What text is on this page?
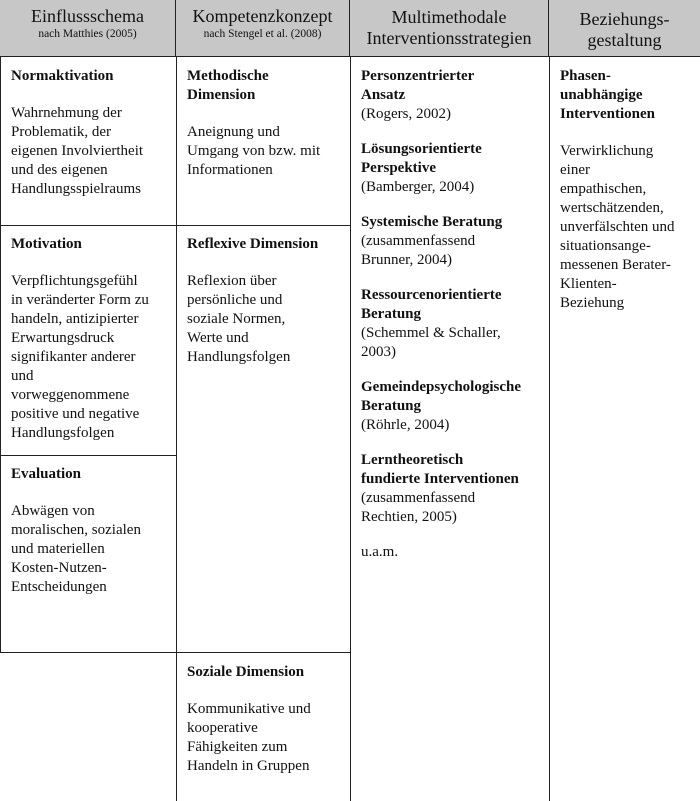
Einflussschema
nach Matthies (2005)
Kompetenzkonzept
nach Stengel et al. (2008)
Multimethodale
Interventionsstrategien
Beziehungs-
gestaltung
Normaktivation
Wahrnehmung der
Problematik, der
eigenen Involviertheit
und des eigenen
Handlungsspielraums
Motivation
Verpflichtungsgefühl
in veränderter Form zu
handeln, antizipierter
Erwartungsdruck
signifikanter anderer
und
vorweggenommene
positive und negative
Handlungsfolgen
Evaluation
Abwägen von
moralischen, sozialen
und materiellen
Kosten-Nutzen-
Entscheidungen
Methodische
Dimension
Aneignung und
Umgang von bzw. mit
Informationen
Reflexive Dimension
Reflexion über
persönliche und
soziale Normen,
Werte und
Handlungsfolgen
Soziale Dimension
Kommunikative und
kooperative
Fähigkeiten zum
Handeln in Gruppen
Personzentrierter
Ansatz
(Rogers, 2002)
Lösungsorientierte
Perspektive
(Bamberger, 2004)
Systemische Beratung
(zusammenfassend
Brunner, 2004)
Ressourcenorientierte
Beratung
(Schemmel & Schaller,
2003)
Gemeindepsychologische
Beratung
(Röhrle, 2004)
Lerntheoretisch
fundierte Interventionen
(zusammenfassend
Rechtien, 2005)
u.a.m.
Phasen-
unabhängige
Interventionen
Verwirklichung
einer
empathischen,
wertschätzenden,
unverfälschten und
situationsange-
messenen Berater-
Klienten-
Beziehung
